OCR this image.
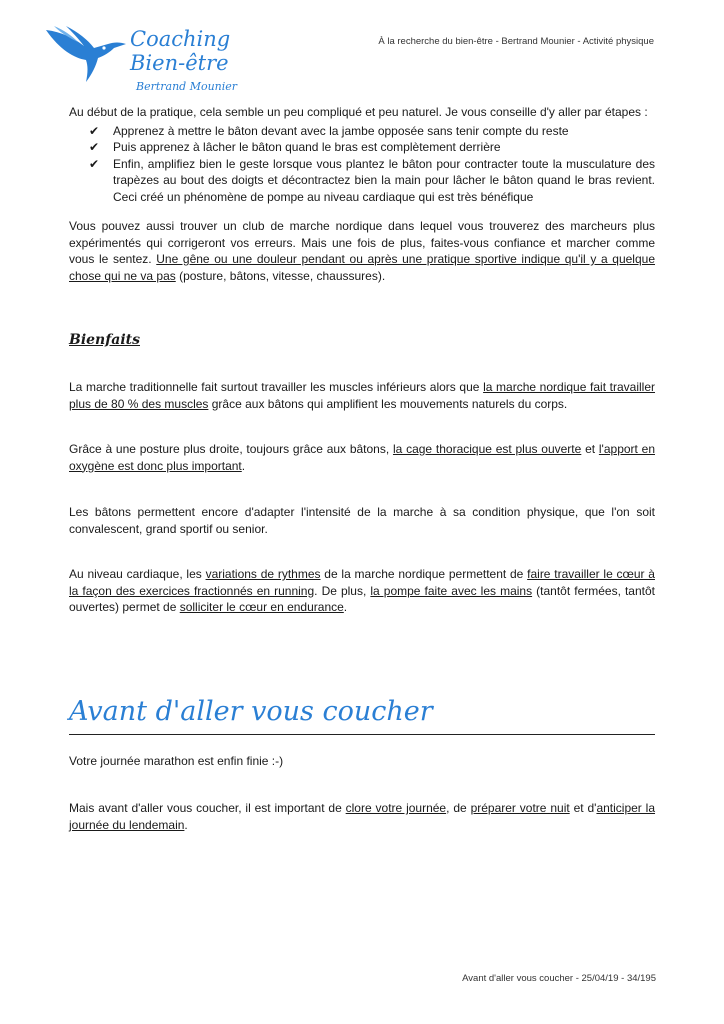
Coaching
Bien-être
Bertrand Mounier
À la recherche du bien-être - Bertrand Mounier - Activité physique

Au début de la pratique, cela semble un peu compliqué et peu naturel. Je vous conseille d'y aller par étapes :

✔ Apprenez à mettre le bâton devant avec la jambe opposée sans tenir compte du reste
✔ Puis apprenez à lâcher le bâton quand le bras est complètement derrière
✔ Enfin, amplifiez bien le geste lorsque vous plantez le bâton pour contracter toute la musculature des trapèzes au bout des doigts et décontractez bien la main pour lâcher le bâton quand le bras revient. Ceci créé un phénomène de pompe au niveau cardiaque qui est très bénéfique

Vous pouvez aussi trouver un club de marche nordique dans lequel vous trouverez des marcheurs plus expérimentés qui corrigeront vos erreurs. Mais une fois de plus, faites-vous confiance et marcher comme vous le sentez. Une gêne ou une douleur pendant ou après une pratique sportive indique qu'il y a quelque chose qui ne va pas (posture, bâtons, vitesse, chaussures).

Bienfaits

La marche traditionnelle fait surtout travailler les muscles inférieurs alors que la marche nordique fait travailler plus de 80 % des muscles grâce aux bâtons qui amplifient les mouvements naturels du corps.

Grâce à une posture plus droite, toujours grâce aux bâtons, la cage thoracique est plus ouverte et l'apport en oxygène est donc plus important.

Les bâtons permettent encore d'adapter l'intensité de la marche à sa condition physique, que l'on soit convalescent, grand sportif ou senior.

Au niveau cardiaque, les variations de rythmes de la marche nordique permettent de faire travailler le cœur à la façon des exercices fractionnés en running. De plus, la pompe faite avec les mains (tantôt fermées, tantôt ouvertes) permet de solliciter le cœur en endurance.

Avant d'aller vous coucher

Votre journée marathon est enfin finie :-)

Mais avant d'aller vous coucher, il est important de clore votre journée, de préparer votre nuit et d'anticiper la journée du lendemain.

Avant d'aller vous coucher - 25/04/19 - 34/195
